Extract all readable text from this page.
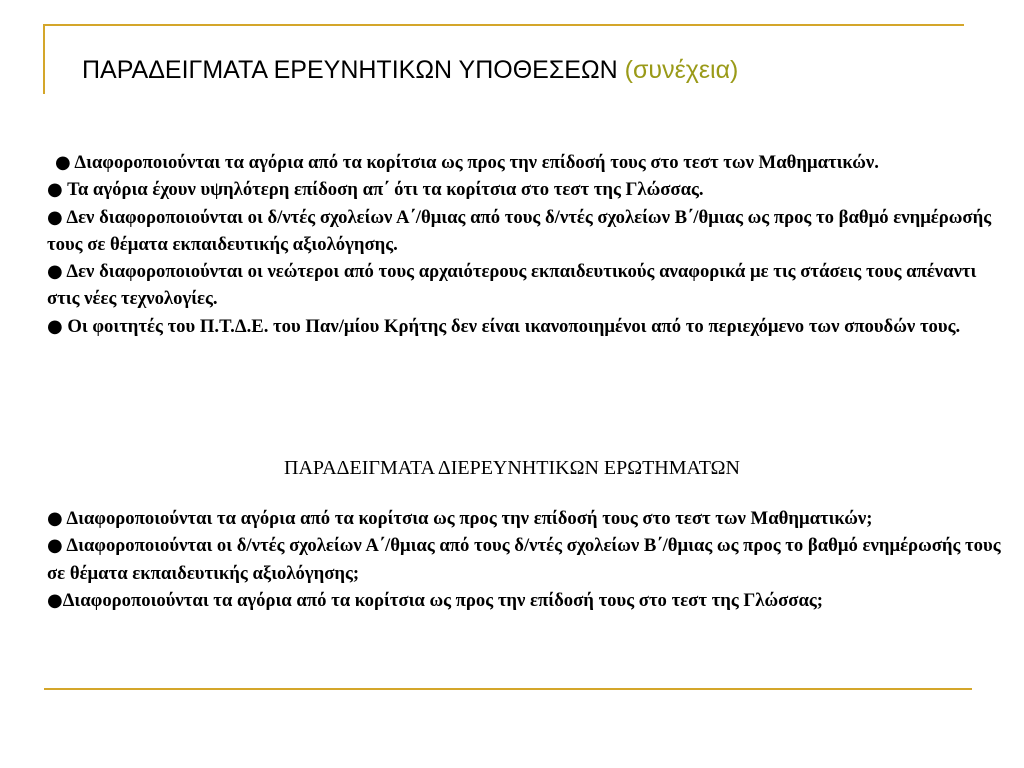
ΠΑΡΑΔΕΙΓΜΑΤΑ ΕΡΕΥΝΗΤΙΚΩΝ ΥΠΟΘΕΣΕΩΝ (συνέχεια)

● Διαφοροποιούνται τα αγόρια από τα κορίτσια ως προς την επίδοσή τους στο τεστ των Μαθηματικών.

● Τα αγόρια έχουν υψηλότερη επίδοση απ΄ ότι τα κορίτσια στο τεστ της Γλώσσας.

● Δεν διαφοροποιούνται οι δ/ντές σχολείων Α΄/θμιας από τους δ/ντές σχολείων Β΄/θμιας ως προς το βαθμό ενημέρωσής τους σε θέματα εκπαιδευτικής αξιολόγησης.

● Δεν διαφοροποιούνται οι νεώτεροι από τους αρχαιότερους εκπαιδευτικούς αναφορικά με τις στάσεις τους απέναντι στις νέες τεχνολογίες.

● Οι φοιτητές του Π.Τ.Δ.Ε. του Παν/μίου Κρήτης δεν είναι ικανοποιημένοι από το περιεχόμενο των σπουδών τους.

ΠΑΡΑΔΕΙΓΜΑΤΑ ΔΙΕΡΕΥΝΗΤΙΚΩΝ ΕΡΩΤΗΜΑΤΩΝ

● Διαφοροποιούνται τα αγόρια από τα κορίτσια ως προς την επίδοσή τους στο τεστ των Μαθηματικών;

● Διαφοροποιούνται οι δ/ντές σχολείων Α΄/θμιας από τους δ/ντές σχολείων Β΄/θμιας ως προς το βαθμό ενημέρωσής τους σε θέματα εκπαιδευτικής αξιολόγησης;

●Διαφοροποιούνται τα αγόρια από τα κορίτσια ως προς την επίδοσή τους στο τεστ της Γλώσσας;
